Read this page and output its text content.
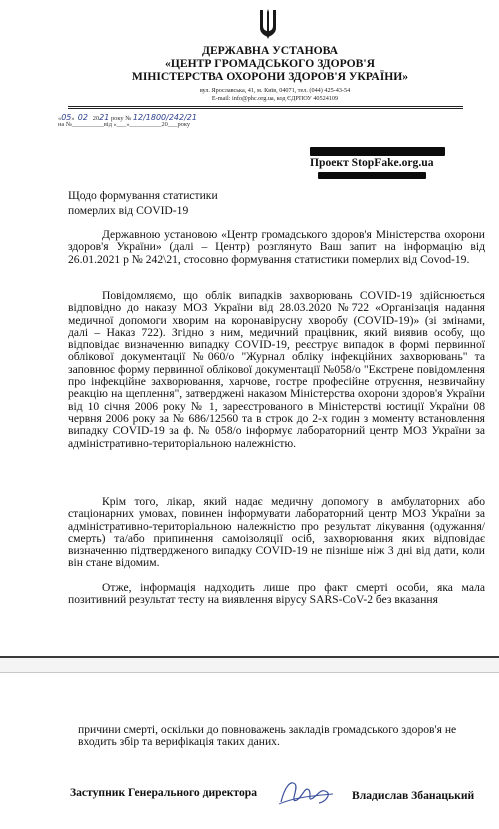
ДЕРЖАВНА УСТАНОВА
«ЦЕНТР ГРОМАДСЬКОГО ЗДОРОВ'Я
МІНІСТЕРСТВА ОХОРОНИ ЗДОРОВ'Я УКРАЇНИ»
вул. Ярославська, 41, м. Київ, 04071, тел. (044) 425-43-54
E-mail: info@phc.org.ua, код ЄДРПОУ 40524109
«05» 02 2021 року № 12/1800/242/21
на №__________від «___»__________20___року
Проект StopFake.org.ua
Щодо формування статистики
померлих від COVID-19
Державною установою «Центр громадського здоров'я Міністерства охорони здоров'я України» (далі – Центр) розглянуто Ваш запит на інформацію від 26.01.2021 р № 242\21, стосовно формування статистики померлих від Covod-19.
Повідомляємо, що облік випадків захворювань COVID-19 здійснюється відповідно до наказу МОЗ України від 28.03.2020 №722 «Організація надання медичної допомоги хворим на коронавірусну хворобу (COVID-19)» (зі змінами, далі – Наказ 722). Згідно з ним, медичний працівник, який виявив особу, що відповідає визначенню випадку COVID-19, реєструє випадок в формі первинної облікової документації №060/о "Журнал обліку інфекційних захворювань" та заповнює форму первинної облікової документації №058/о "Екстрене повідомлення про інфекційне захворювання, харчове, гостре професійне отруєння, незвичайну реакцію на щеплення", затверджені наказом Міністерства охорони здоров'я України від 10 січня 2006 року № 1, зареєстрованого в Міністерстві юстиції України 08 червня 2006 року за № 686/12560 та в строк до 2-х годин з моменту встановлення випадку COVID-19 за ф. № 058/о інформує лабораторний центр МОЗ України за адміністративно-територіальною належністю.
Крім того, лікар, який надає медичну допомогу в амбулаторних або стаціонарних умовах, повинен інформувати лабораторний центр МОЗ України за адміністративно-територіальною належністю про результат лікування (одужання/смерть) та/або припинення самоізоляції осіб, захворювання яких відповідає визначенню підтвердженого випадку COVID-19 не пізніше ніж 3 дні від дати, коли він стане відомим.
Отже, інформація надходить лише про факт смерті особи, яка мала позитивний результат тесту на виявлення вірусу SARS-CoV-2 без вказання
причини смерті, оскільки до повноважень закладів громадського здоров'я не входить збір та верифікація таких даних.
Заступник Генерального директора	Владислав Збанацький
